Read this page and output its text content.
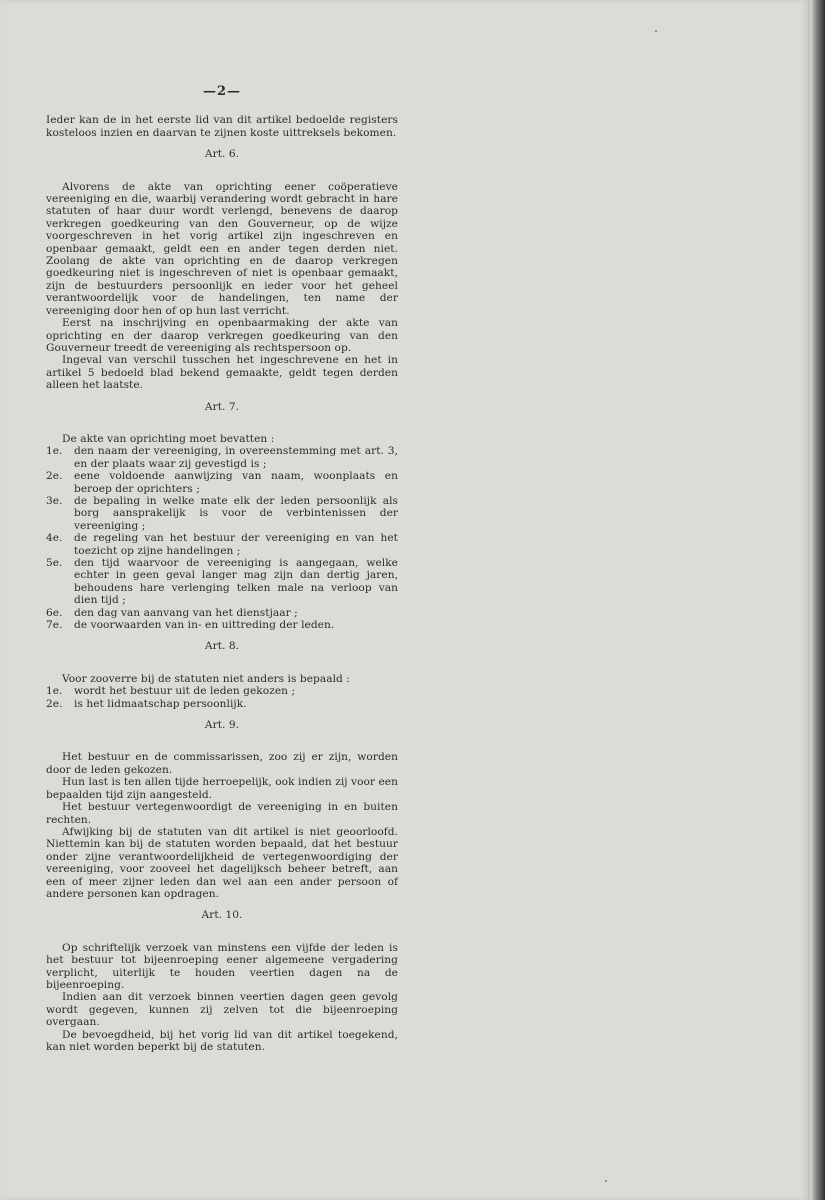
—2—

Ieder kan de in het eerste lid van dit artikel bedoelde registers kosteloos inzien en daarvan te zijnen koste uittreksels bekomen.

Art. 6.

Alvorens de akte van oprichting eener coöperatieve vereeniging en die, waarbij verandering wordt gebracht in hare statuten of haar duur wordt verlengd, benevens de daarop verkregen goedkeuring van den Gouverneur, op de wijze voorgeschreven in het vorig artikel zijn ingeschreven en openbaar gemaakt, geldt een en ander tegen derden niet. Zoolang de akte van oprichting en de daarop verkregen goedkeuring niet is ingeschreven of niet is openbaar gemaakt, zijn de bestuurders persoonlijk en ieder voor het geheel verantwoordelijk voor de handelingen, ten name der vereeniging door hen of op hun last verricht.

Eerst na inschrijving en openbaarmaking der akte van oprichting en der daarop verkregen goedkeuring van den Gouverneur treedt de vereeniging als rechtspersoon op.

Ingeval van verschil tusschen het ingeschrevene en het in artikel 5 bedoeld blad bekend gemaakte, geldt tegen derden alleen het laatste.

Art. 7.

De akte van oprichting moet bevatten :

1e.	den naam der vereeniging, in overeenstemming met art. 3, en der plaats waar zij gevestigd is ;
2e.	eene voldoende aanwijzing van naam, woonplaats en beroep der oprichters ;
3e.	de bepaling in welke mate elk der leden persoonlijk als borg aansprakelijk is voor de verbintenissen der vereeniging ;
4e.	de regeling van het bestuur der vereeniging en van het toezicht op zijne handelingen ;
5e.	den tijd waarvoor de vereeniging is aangegaan, welke echter in geen geval langer mag zijn dan dertig jaren, behoudens hare verlenging telken male na verloop van dien tijd ;
6e.	den dag van aanvang van het dienstjaar ;
7e.	de voorwaarden van in- en uittreding der leden.
Art. 8.

Voor zooverre bij de statuten niet anders is bepaald :

1e.	wordt het bestuur uit de leden gekozen ;
2e.	is het lidmaatschap persoonlijk.
Art. 9.

Het bestuur en de commissarissen, zoo zij er zijn, worden door de leden gekozen.

Hun last is ten allen tijde herroepelijk, ook indien zij voor een bepaalden tijd zijn aangesteld.

Het bestuur vertegenwoordigt de vereeniging in en buiten rechten.

Afwijking bij de statuten van dit artikel is niet geoorloofd. Niettemin kan bij de statuten worden bepaald, dat het bestuur onder zijne verantwoordelijkheid de vertegenwoordiging der vereeniging, voor zooveel het dagelijksch beheer betreft, aan een of meer zijner leden dan wel aan een ander persoon of andere personen kan opdragen.

Art. 10.

Op schriftelijk verzoek van minstens een vijfde der leden is het bestuur tot bijeenroeping eener algemeene vergadering verplicht, uiterlijk te houden veertien dagen na de bijeenroeping.

Indien aan dit verzoek binnen veertien dagen geen gevolg wordt gegeven, kunnen zij zelven tot die bijeenroeping overgaan.

De bevoegdheid, bij het vorig lid van dit artikel toegekend, kan niet worden beperkt bij de statuten.
